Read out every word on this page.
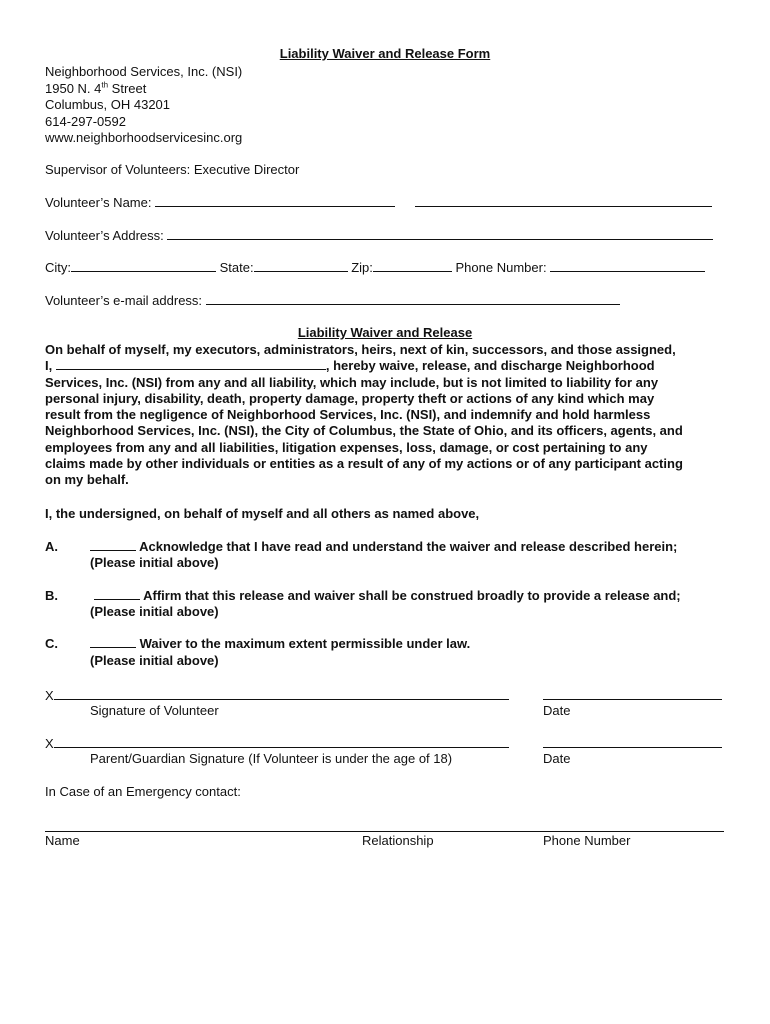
Liability Waiver and Release Form
Neighborhood Services, Inc. (NSI)
1950 N. 4th Street
Columbus, OH 43201
614-297-0592
www.neighborhoodservicesinc.org
Supervisor of Volunteers: Executive Director
Volunteer’s Name:
Volunteer’s Address:
City:	State:	Zip:	Phone Number:
Volunteer’s e-mail address:
Liability Waiver and Release
On behalf of myself, my executors, administrators, heirs, next of kin, successors, and those assigned,
I,	, hereby waive, release, and discharge Neighborhood
Services, Inc. (NSI) from any and all liability, which may include, but is not limited to liability for any
personal injury, disability, death, property damage, property theft or actions of any kind which may
result from the negligence of Neighborhood Services, Inc. (NSI), and indemnify and hold harmless
Neighborhood Services, Inc. (NSI), the City of Columbus, the State of Ohio, and its officers, agents, and
employees from any and all liabilities, litigation expenses, loss, damage, or cost pertaining to any
claims made by other individuals or entities as a result of any of my actions or of any participant acting
on my behalf.
I, the undersigned, on behalf of myself and all others as named above,
A.	Acknowledge that I have read and understand the waiver and release described herein;
(Please initial above)
B.	Affirm that this release and waiver shall be construed broadly to provide a release and;
(Please initial above)
C.	Waiver to the maximum extent permissible under law.
(Please initial above)
X
Signature of Volunteer	Date
X
Parent/Guardian Signature (If Volunteer is under the age of 18)	Date
In Case of an Emergency contact:
Name	Relationship	Phone Number
